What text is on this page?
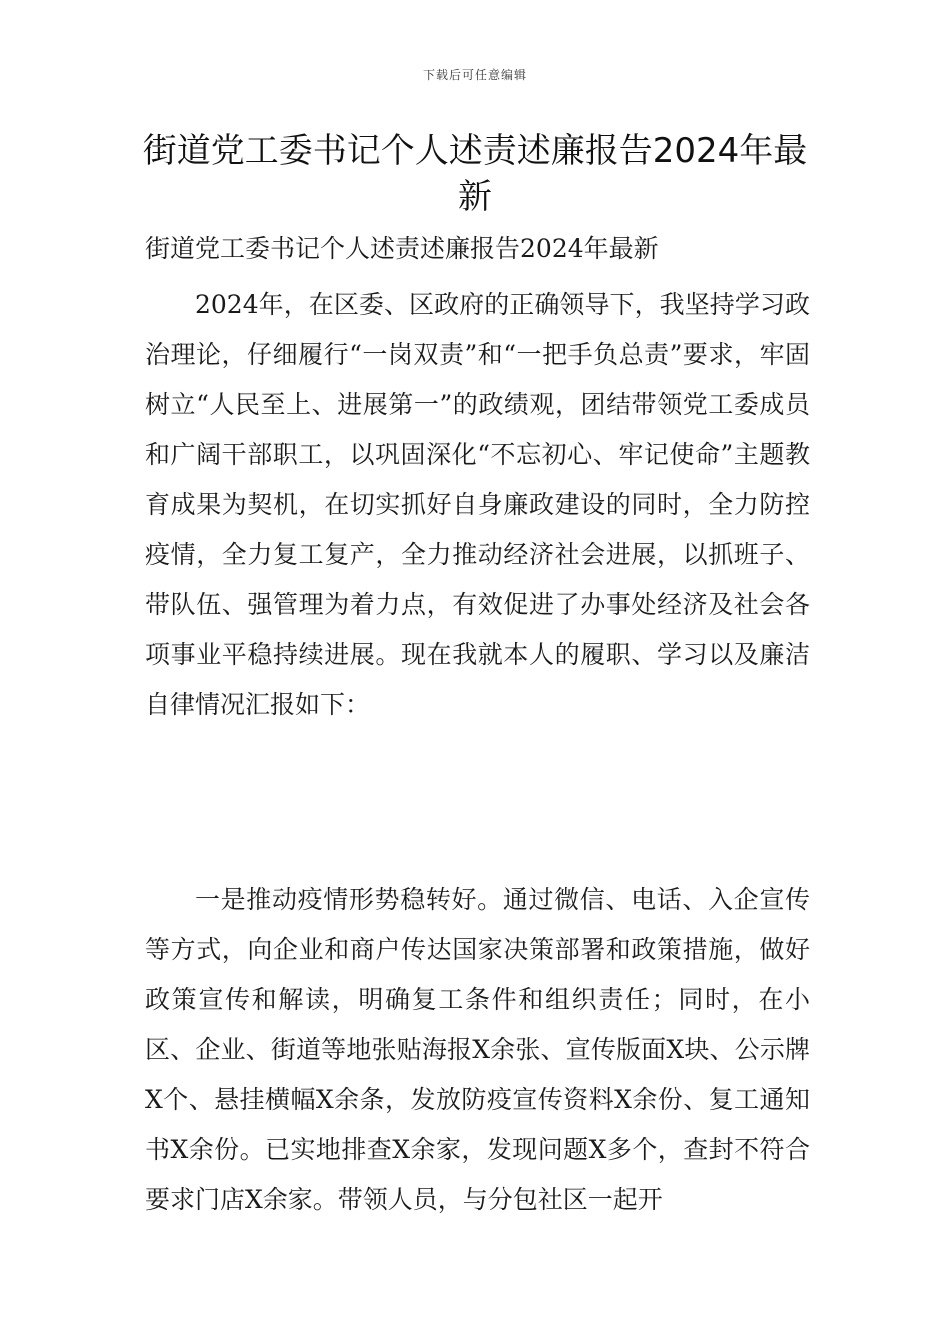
下载后可任意编辑
街道党工委书记个人述责述廉报告2024年最新
街道党工委书记个人述责述廉报告2024年最新

2024年，在区委、区政府的正确领导下，我坚持学习政治理论，仔细履行“一岗双责”和“一把手负总责”要求，牢固树立“人民至上、进展第一”的政绩观，团结带领党工委成员和广阔干部职工，以巩固深化“不忘初心、牢记使命”主题教育成果为契机，在切实抓好自身廉政建设的同时，全力防控疫情，全力复工复产，全力推动经济社会进展，以抓班子、带队伍、强管理为着力点，有效促进了办事处经济及社会各项事业平稳持续进展。现在我就本人的履职、学习以及廉洁自律情况汇报如下：

一是推动疫情形势稳转好。通过微信、电话、入企宣传等方式，向企业和商户传达国家决策部署和政策措施，做好政策宣传和解读，明确复工条件和组织责任；同时，在小区、企业、街道等地张贴海报X余张、宣传版面X块、公示牌X个、悬挂横幅X余条，发放防疫宣传资料X余份、复工通知书X余份。已实地排查X余家，发现问题X多个，查封不符合要求门店X余家。带领人员，与分包社区一起开
